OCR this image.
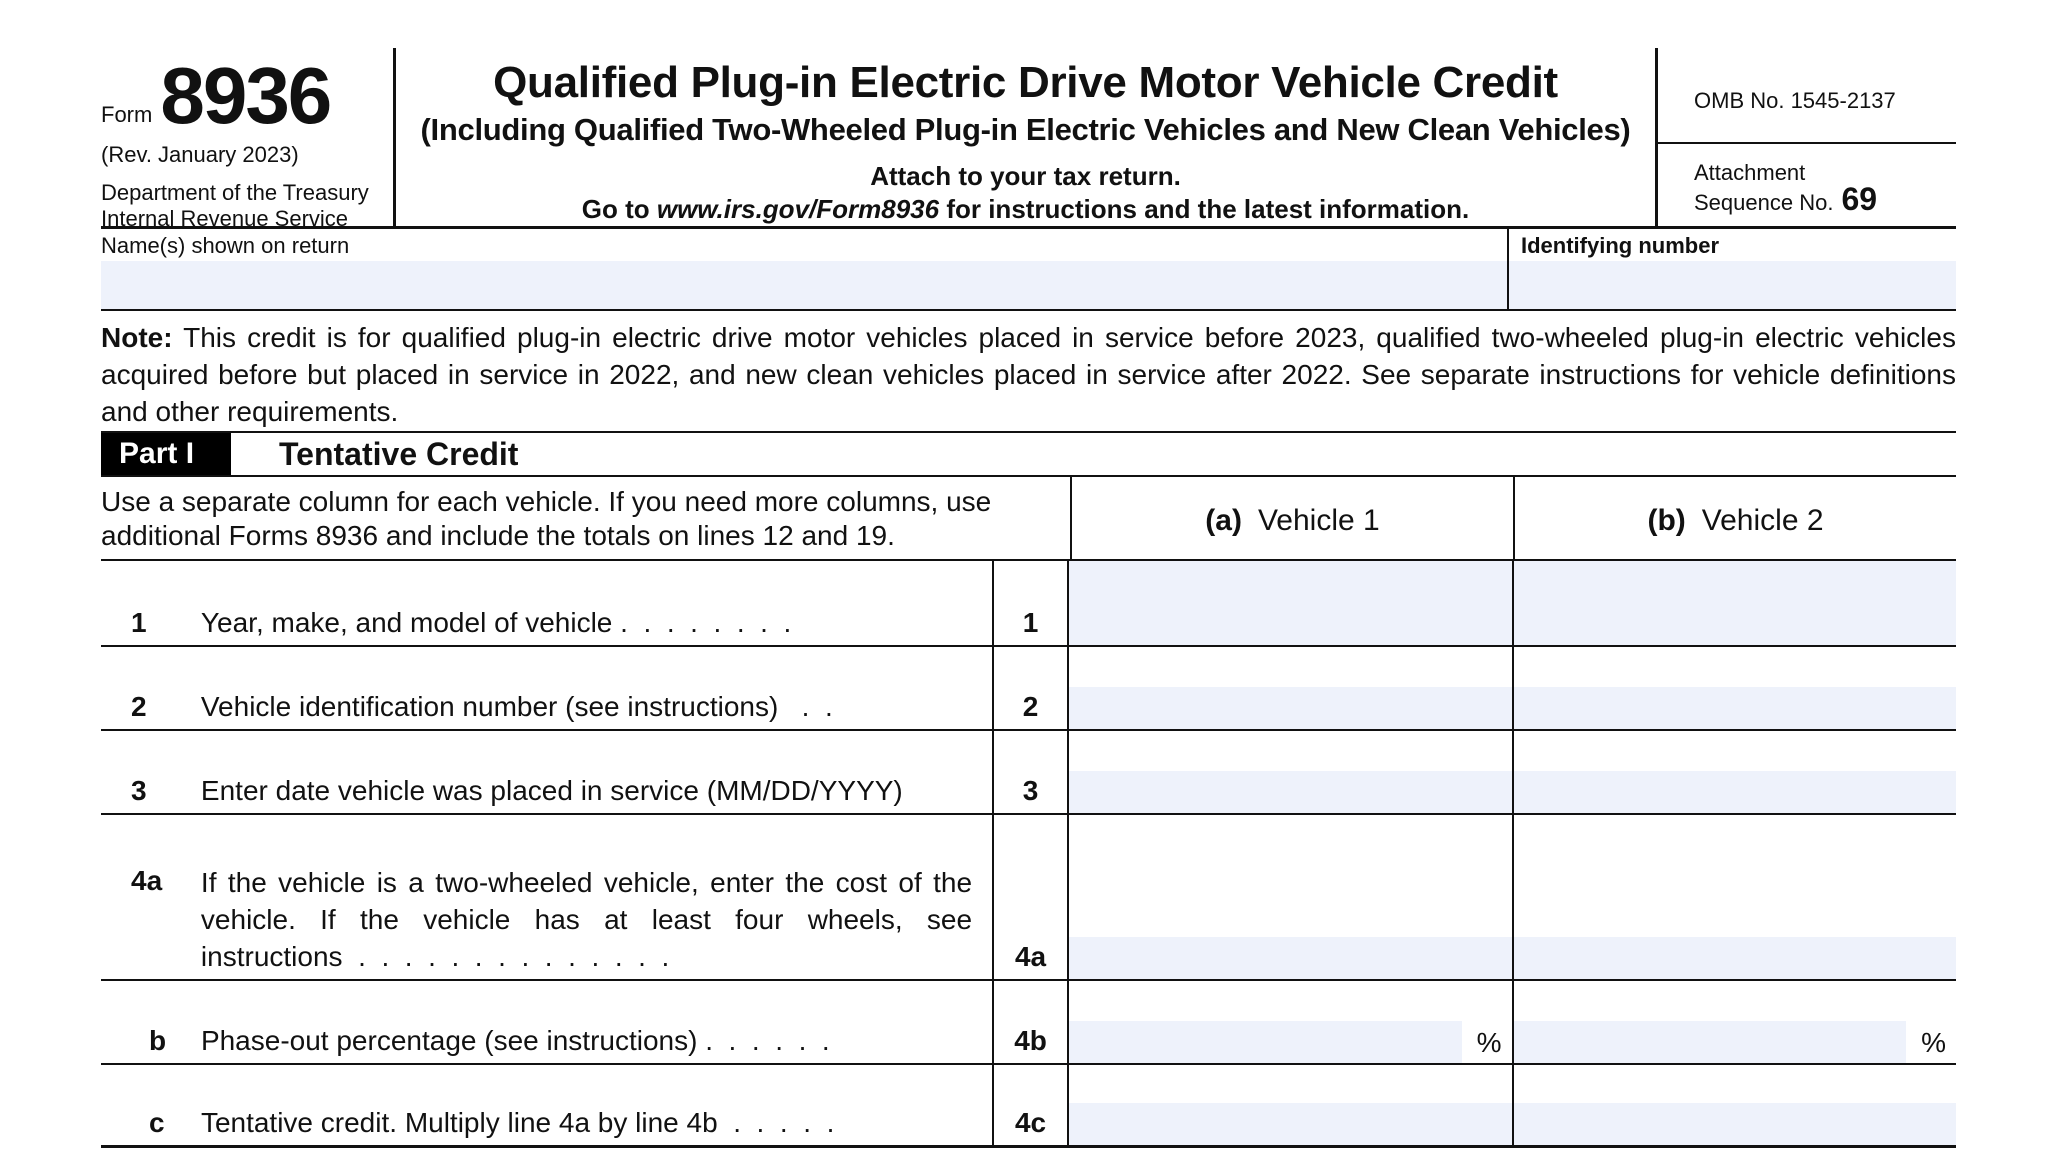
Form 8936
(Rev. January 2023)
Department of the Treasury
Internal Revenue Service
Qualified Plug-in Electric Drive Motor Vehicle Credit
(Including Qualified Two-Wheeled Plug-in Electric Vehicles and New Clean Vehicles)
Attach to your tax return.
Go to www.irs.gov/Form8936 for instructions and the latest information.
OMB No. 1545-2137
Attachment
Sequence No. 69
Name(s) shown on return	Identifying number
Note: This credit is for qualified plug-in electric drive motor vehicles placed in service before 2023, qualified two-wheeled plug-in electric vehicles acquired before but placed in service in 2022, and new clean vehicles placed in service after 2022. See separate instructions for vehicle definitions and other requirements.
Part I	Tentative Credit
Use a separate column for each vehicle. If you need more columns, use additional Forms 8936 and include the totals on lines 12 and 19.	(a) Vehicle 1	(b) Vehicle 2
1	Year, make, and model of vehicle .  .  .  .  .  .  .  .	1
2	Vehicle identification number (see instructions)   .  .	2
3	Enter date vehicle was placed in service (MM/DD/YYYY)	3
4a	If the vehicle is a two-wheeled vehicle, enter the cost of the vehicle. If the vehicle has at least four wheels, see instructions  .  .  .  .  .  .  .  .  .  .  .  .  .  .	4a
b	Phase-out percentage (see instructions) .  .  .  .  .  .	4b	%	%
c	Tentative credit. Multiply line 4a by line 4b  .  .  .  .  .	4c
